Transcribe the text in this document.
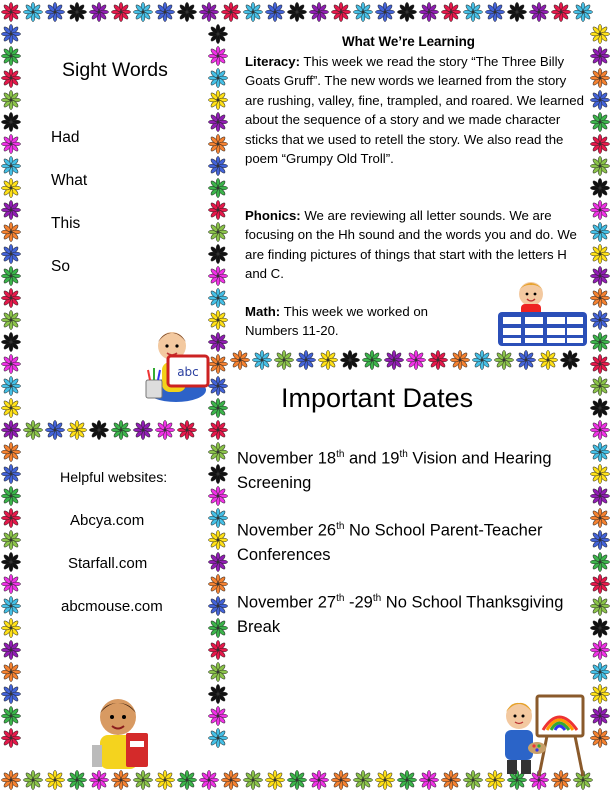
Sight Words
Had
What
This
So
abc
What We’re Learning
Literacy: This week we read the story “The Three Billy Goats Gruff”. The new words we learned from the story are rushing, valley, fine, trampled, and roared. We learned about the sequence of a story and we made character sticks that we used to retell the story. We also read the poem “Grumpy Old Troll”.
Phonics: We are reviewing all letter sounds. We are focusing on the Hh sound and the words you and do. We are finding pictures of things that start with the letters H and C.
Math: This week we worked on Numbers 11-20.
Important Dates
November 18th and 19th Vision and Hearing Screening
November 26th No School Parent-Teacher Conferences
November 27th -29th No School Thanksgiving Break
Helpful websites:
Abcya.com
Starfall.com
abcmouse.com
